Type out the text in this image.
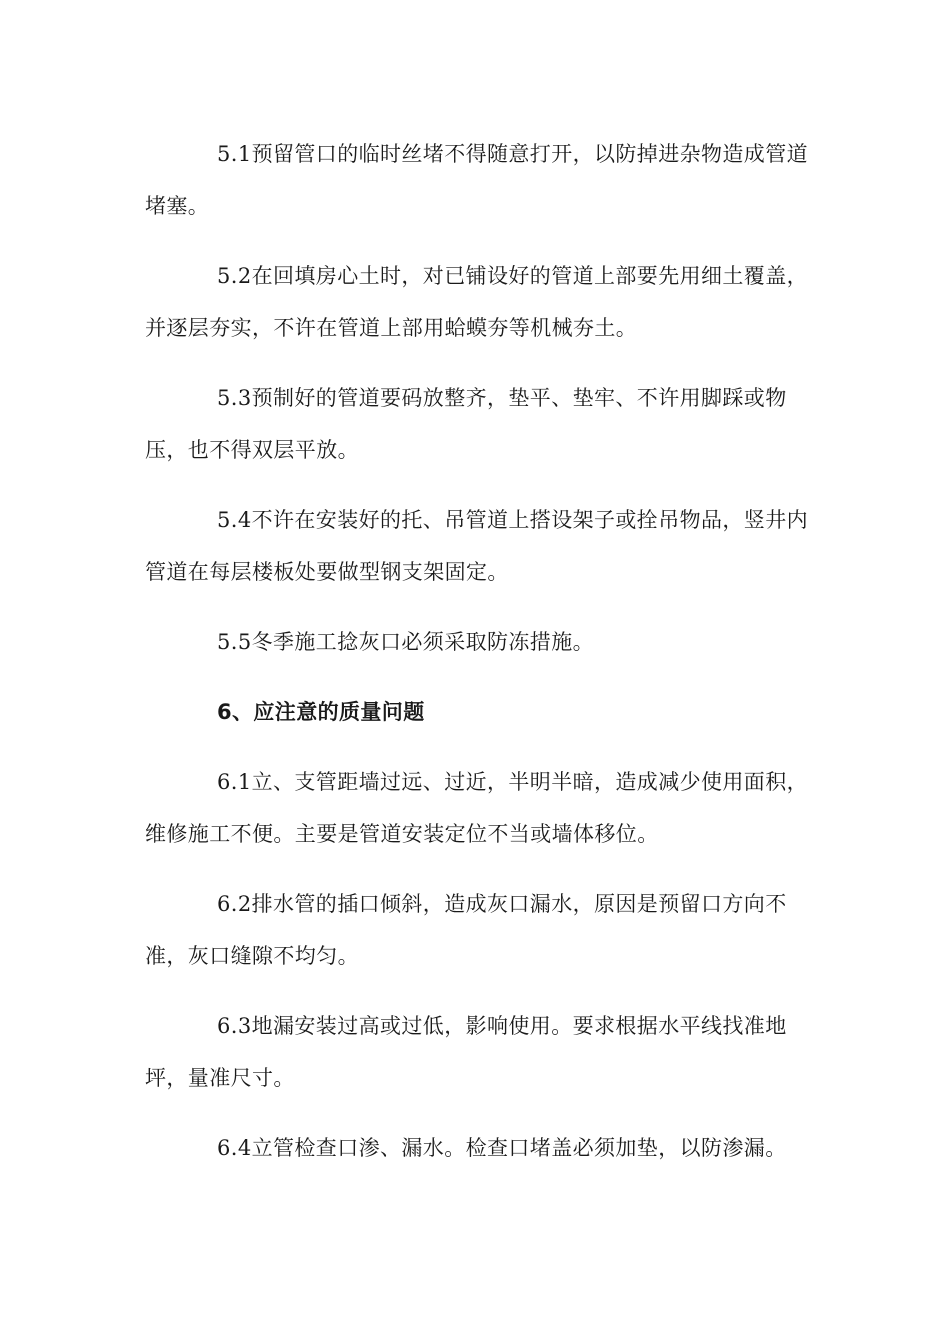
5.1预留管口的临时丝堵不得随意打开，以防掉进杂物造成管道堵塞。

5.2在回填房心土时，对已铺设好的管道上部要先用细土覆盖，并逐层夯实，不许在管道上部用蛤蟆夯等机械夯土。

5.3预制好的管道要码放整齐，垫平、垫牢、不许用脚踩或物压，也不得双层平放。

5.4不许在安装好的托、吊管道上搭设架子或拴吊物品，竖井内管道在每层楼板处要做型钢支架固定。

5.5冬季施工捻灰口必须采取防冻措施。

6、应注意的质量问题

6.1立、支管距墙过远、过近，半明半暗，造成减少使用面积，维修施工不便。主要是管道安装定位不当或墙体移位。

6.2排水管的插口倾斜，造成灰口漏水，原因是预留口方向不准，灰口缝隙不均匀。

6.3地漏安装过高或过低，影响使用。要求根据水平线找准地坪，量准尺寸。

6.4立管检查口渗、漏水。检查口堵盖必须加垫，以防渗漏。
